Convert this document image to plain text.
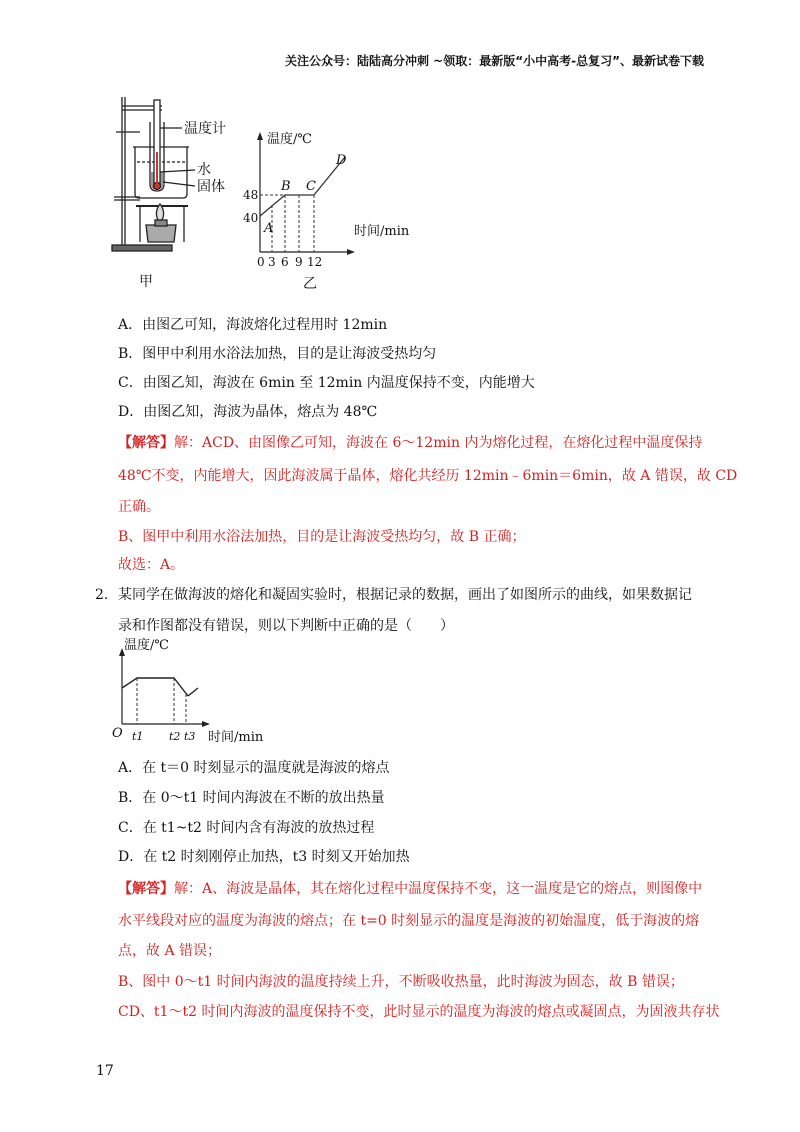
关注公众号：陆陆高分冲刺 ~领取：最新版“小中高考-总复习”、最新试卷下载
温度计
水
固体
甲
温度/℃
时间/min
48
40
0 3 6 9 12
A
B C
D
乙
A．由图乙可知，海波熔化过程用时 12min
B．图甲中利用水浴法加热，目的是让海波受热均匀
C．由图乙知，海波在 6min 至 12min 内温度保持不变，内能增大
D．由图乙知，海波为晶体，熔点为 48℃
【解答】解：ACD、由图像乙可知，海波在 6～12min 内为熔化过程，在熔化过程中温度保持
48℃不变，内能增大，因此海波属于晶体，熔化共经历 12min﹣6min＝6min，故 A 错误，故 CD
正确。
B、图甲中利用水浴法加热，目的是让海波受热均匀，故 B 正确；
故选：A。
2. 某同学在做海波的熔化和凝固实验时，根据记录的数据，画出了如图所示的曲线，如果数据记
录和作图都没有错误，则以下判断中正确的是（　　）
温度/℃
时间/min
O t1 t2 t3
A．在 t＝0 时刻显示的温度就是海波的熔点
B．在 0～t1 时间内海波在不断的放出热量
C．在 t1~t2 时间内含有海波的放热过程
D．在 t2 时刻刚停止加热，t3 时刻又开始加热
【解答】解：A、海波是晶体，其在熔化过程中温度保持不变，这一温度是它的熔点，则图像中
水平线段对应的温度为海波的熔点；在 t=0 时刻显示的温度是海波的初始温度，低于海波的熔
点，故 A 错误；
B、图中 0～t1 时间内海波的温度持续上升，不断吸收热量，此时海波为固态，故 B 错误；
CD、t1～t2 时间内海波的温度保持不变，此时显示的温度为海波的熔点或凝固点，为固液共存状
17
